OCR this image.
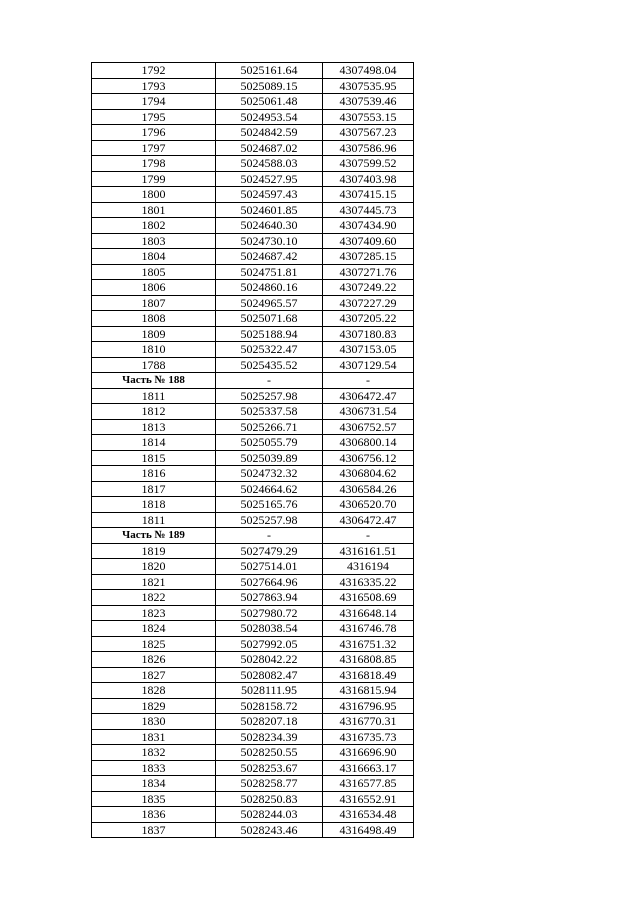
1792	5025161.64	4307498.04
1793	5025089.15	4307535.95
1794	5025061.48	4307539.46
1795	5024953.54	4307553.15
1796	5024842.59	4307567.23
1797	5024687.02	4307586.96
1798	5024588.03	4307599.52
1799	5024527.95	4307403.98
1800	5024597.43	4307415.15
1801	5024601.85	4307445.73
1802	5024640.30	4307434.90
1803	5024730.10	4307409.60
1804	5024687.42	4307285.15
1805	5024751.81	4307271.76
1806	5024860.16	4307249.22
1807	5024965.57	4307227.29
1808	5025071.68	4307205.22
1809	5025188.94	4307180.83
1810	5025322.47	4307153.05
1788	5025435.52	4307129.54
Часть № 188	-	-
1811	5025257.98	4306472.47
1812	5025337.58	4306731.54
1813	5025266.71	4306752.57
1814	5025055.79	4306800.14
1815	5025039.89	4306756.12
1816	5024732.32	4306804.62
1817	5024664.62	4306584.26
1818	5025165.76	4306520.70
1811	5025257.98	4306472.47
Часть № 189	-	-
1819	5027479.29	4316161.51
1820	5027514.01	4316194
1821	5027664.96	4316335.22
1822	5027863.94	4316508.69
1823	5027980.72	4316648.14
1824	5028038.54	4316746.78
1825	5027992.05	4316751.32
1826	5028042.22	4316808.85
1827	5028082.47	4316818.49
1828	5028111.95	4316815.94
1829	5028158.72	4316796.95
1830	5028207.18	4316770.31
1831	5028234.39	4316735.73
1832	5028250.55	4316696.90
1833	5028253.67	4316663.17
1834	5028258.77	4316577.85
1835	5028250.83	4316552.91
1836	5028244.03	4316534.48
1837	5028243.46	4316498.49
